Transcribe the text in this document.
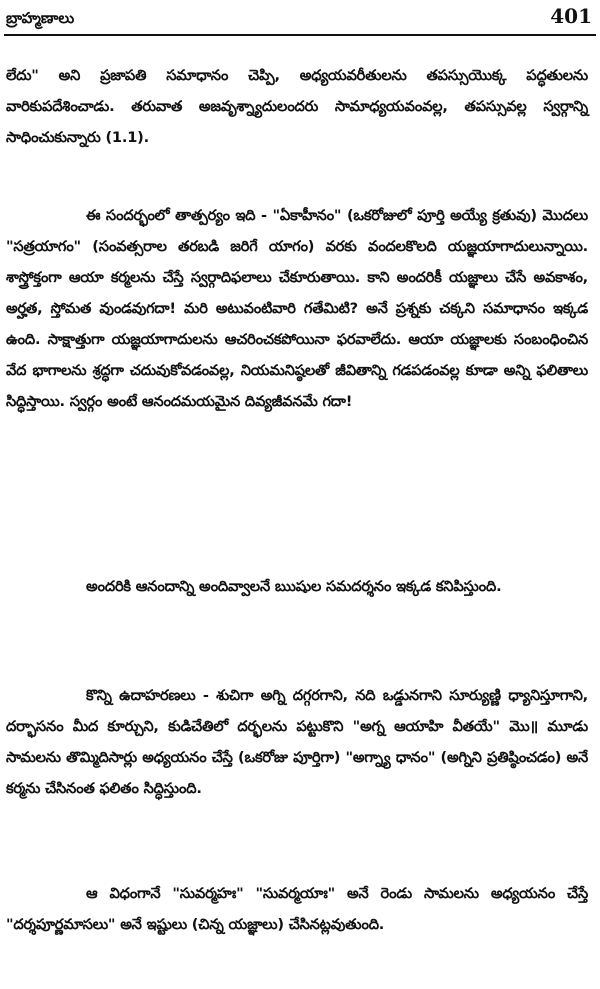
బ్రాహ్మణాలు	401

లేదు" అని ప్రజాపతి సమాధానం చెప్పి, అధ్యయవరీతులను తపస్సుయొక్క పద్ధతులను వారికుపదేశించాడు. తరువాత అజవృశ్న్యాదులందరు సామాధ్యయవంవల్ల, తపస్సువల్ల స్వర్గాన్ని సాధించుకున్నారు (1.1).

ఈ సందర్భంలో తాత్పర్యం ఇది - "ఏకాహీనం" (ఒకరోజులో పూర్తి అయ్యే క్రతువు) మొదలు "సత్రయాగం" (సంవత్సరాల తరబడి జరిగే యాగం) వరకు వందలకొలది యజ్ఞయాగాదులున్నాయి. శాస్త్రోక్తంగా ఆయా కర్మలను చేస్తే స్వర్గాదిఫలాలు చేకూరుతాయి. కాని అందరికీ యజ్ఞాలు చేసే అవకాశం, అర్హత, స్తోమత వుండవుగదా! మరి అటువంటివారి గతేమిటి? అనే ప్రశ్నకు చక్కని సమాధానం ఇక్కడ ఉంది. సాక్షాత్తుగా యజ్ఞయాగాదులను ఆచరించకపోయినా ఫరవాలేదు. ఆయా యజ్ఞాలకు సంబంధించిన వేద భాగాలను శ్రద్ధగా చదువుకోవడంవల్ల, నియమనిష్ఠలతో జీవితాన్ని గడపడంవల్ల కూడా అన్ని ఫలితాలు సిద్ధిస్తాయి. స్వర్గం అంటే ఆనందమయమైన దివ్యజీవనమే గదా!

అందరికి ఆనందాన్ని అందివ్వాలనే ఋషుల సమదర్శనం ఇక్కడ కనిపిస్తుంది.

కొన్ని ఉదాహరణలు - శుచిగా అగ్ని దగ్గరగాని, నది ఒడ్డునగాని సూర్యుణ్ణి ధ్యానిస్తూగాని, దర్భాసనం మీద కూర్చుని, కుడిచేతిలో దర్భలను పట్టుకొని "అగ్న ఆయాహి వీతయే" మొ॥ మూడు సామలను తొమ్మిదిసార్లు అధ్యయనం చేస్తే (ఒకరోజు పూర్తిగా) "అగ్న్యా ధానం" (అగ్నిని ప్రతిష్ఠించడం) అనే కర్మను చేసినంత ఫలితం సిద్ధిస్తుంది.

ఆ విధంగానే "సువర్మహః" "సువర్మయాః" అనే రెండు సామలను అధ్యయనం చేస్తే "దర్శపూర్ణమాసలు" అనే ఇష్టులు (చిన్న యజ్ఞాలు) చేసినట్లవుతుంది.
